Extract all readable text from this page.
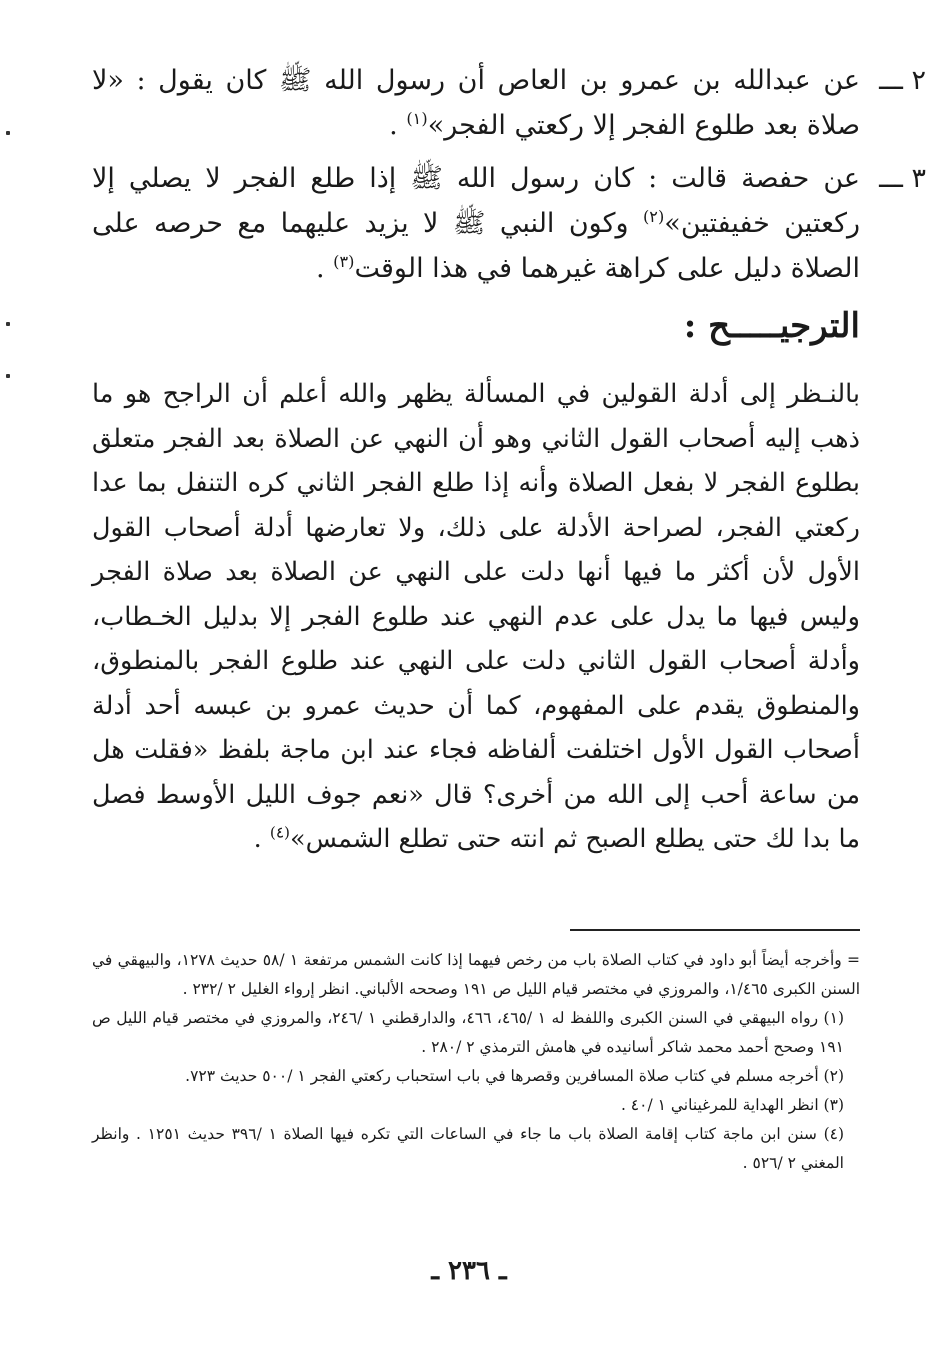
٢ ـــ

عن عبدالله بن عمرو بن العاص أن رسول الله ﷺ كان يقول : «لا صلاة بعد طلوع الفجر إلا ركعتي الفجر»$^{(١)}$ .

٣ ـــ

عن حفصة قالت : كان رسول الله ﷺ إذا طلع الفجر لا يصلي إلا ركعتين خفيفتين»$^{(٢)}$ وكون النبي ﷺ لا يزيد عليهما مع حرصه على الصلاة دليل على كراهة غيرهما في هذا الوقت$^{(٣)}$ .

الترجيـــــح :

بالنـظر إلى أدلة القولين في المسألة يظهر والله أعلم أن الراجح هو ما ذهب إليه أصحاب القول الثاني وهو أن النهي عن الصلاة بعد الفجر متعلق بطلوع الفجر لا بفعل الصلاة وأنه إذا طلع الفجر الثاني كره التنفل بما عدا ركعتي الفجر، لصراحة الأدلة على ذلك، ولا تعارضها أدلة أصحاب القول الأول لأن أكثر ما فيها أنها دلت على النهي عن الصلاة بعد صلاة الفجر وليس فيها ما يدل على عدم النهي عند طلوع الفجر إلا بدليل الخـطاب، وأدلة أصحاب القول الثاني دلت على النهي عند طلوع الفجر بالمنطوق، والمنطوق يقدم على المفهوم، كما أن حديث عمرو بن عبسه أحد أدلة أصحاب القول الأول اختلفت ألفاظه فجاء عند ابن ماجة بلفظ «فقلت هل من ساعة أحب إلى الله من أخرى؟ قال «نعم جوف الليل الأوسط فصل ما بدا لك حتى يطلع الصبح ثم انته حتى تطلع الشمس»$^{(٤)}$ .

= وأخرجه أيضاً أبو داود في كتاب الصلاة باب من رخص فيهما إذا كانت الشمس مرتفعة ١ /٥٨ حديث ١٢٧٨، والبيهقي في السنن الكبرى ١/٤٦٥، والمروزي في مختصر قيام الليل ص ١٩١ وصححه الألباني. انظر إرواء الغليل ٢ /٢٣٢ .
(١) رواه البيهقي في السنن الكبرى واللفظ له ١ /٤٦٥، ٤٦٦، والدارقطني ١ /٢٤٦، والمروزي في مختصر قيام الليل ص ١٩١ وصحح أحمد محمد شاكر أسانيده في هامش الترمذي ٢ /٢٨٠ .
(٢) أخرجه مسلم في كتاب صلاة المسافرين وقصرها في باب استحباب ركعتي الفجر ١ /٥٠٠ حديث ٧٢٣.
(٣) انظر الهداية للمرغيناني ١ /٤٠ .
(٤) سنن ابن ماجة كتاب إقامة الصلاة باب ما جاء في الساعات التي تكره فيها الصلاة ١ /٣٩٦ حديث ١٢٥١ . وانظر المغني ٢ /٥٢٦ .
ـ ٢٣٦ ـ
